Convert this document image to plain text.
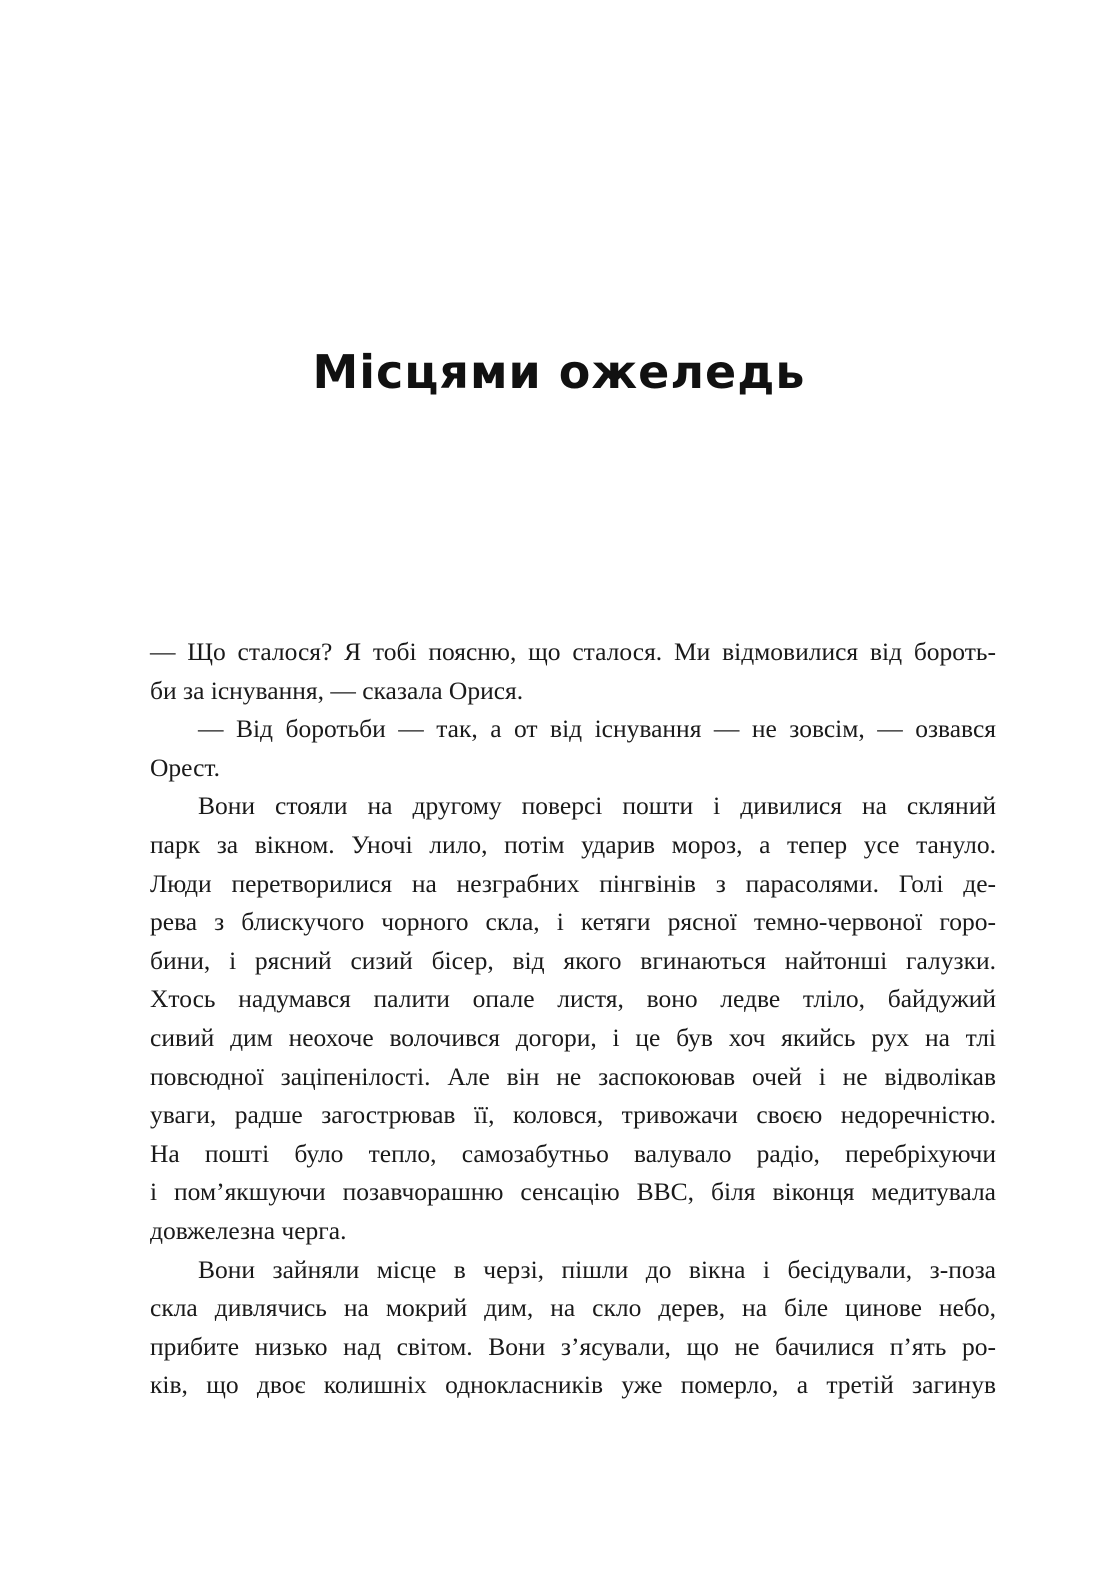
Місцями ожеледь
— Що сталося? Я тобі поясню, що сталося. Ми відмовилися від бороть-
би за існування, — сказала Орися.
— Від боротьби — так, а от від існування — не зовсім, — озвався
Орест.
Вони стояли на другому поверсі пошти і дивилися на скляний
парк за вікном. Уночі лило, потім ударив мороз, а тепер усе тануло.
Люди перетворилися на незграбних пінгвінів з парасолями. Голі де-
рева з блискучого чорного скла, і кетяги рясної темно-червоної горо-
бини, і рясний сизий бісер, від якого вгинаються найтонші галузки.
Хтось надумався палити опале листя, воно ледве тліло, байдужий
сивий дим неохоче волочився догори, і це був хоч якийсь рух на тлі
повсюдної заціпенілості. Але він не заспокоював очей і не відволікав
уваги, радше загострював її, коловся, тривожачи своєю недоречністю.
На пошті було тепло, самозабутньо валувало радіо, перебріхуючи
і пом’якшуючи позавчорашню сенсацію BBC, біля віконця медитувала
довжелезна черга.
Вони зайняли місце в черзі, пішли до вікна і бесідували, з-поза
скла дивлячись на мокрий дим, на скло дерев, на біле цинове небо,
прибите низько над світом. Вони з’ясували, що не бачилися п’ять ро-
ків, що двоє колишніх однокласників уже померло, а третій загинув
